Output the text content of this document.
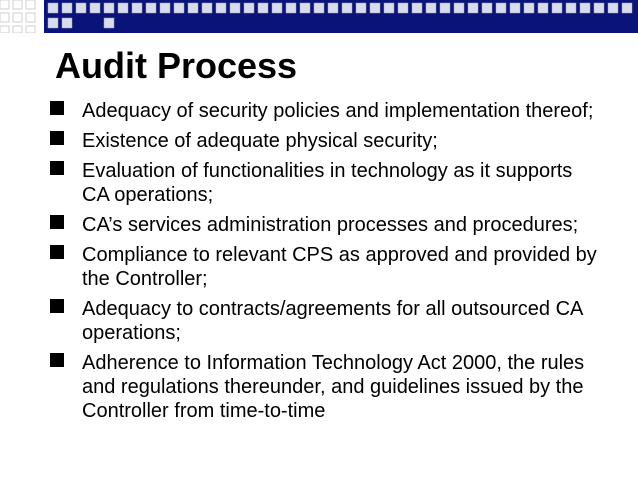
Audit Process
Adequacy of security policies and implementation thereof;
Existence of adequate physical security;
Evaluation of functionalities in technology as it supports CA operations;
CA’s services administration processes and procedures;
Compliance to relevant CPS as approved and provided by the Controller;
Adequacy to contracts/agreements for all outsourced CA operations;
Adherence to Information Technology Act 2000, the rules and regulations thereunder, and guidelines issued by the Controller from time-to-time
